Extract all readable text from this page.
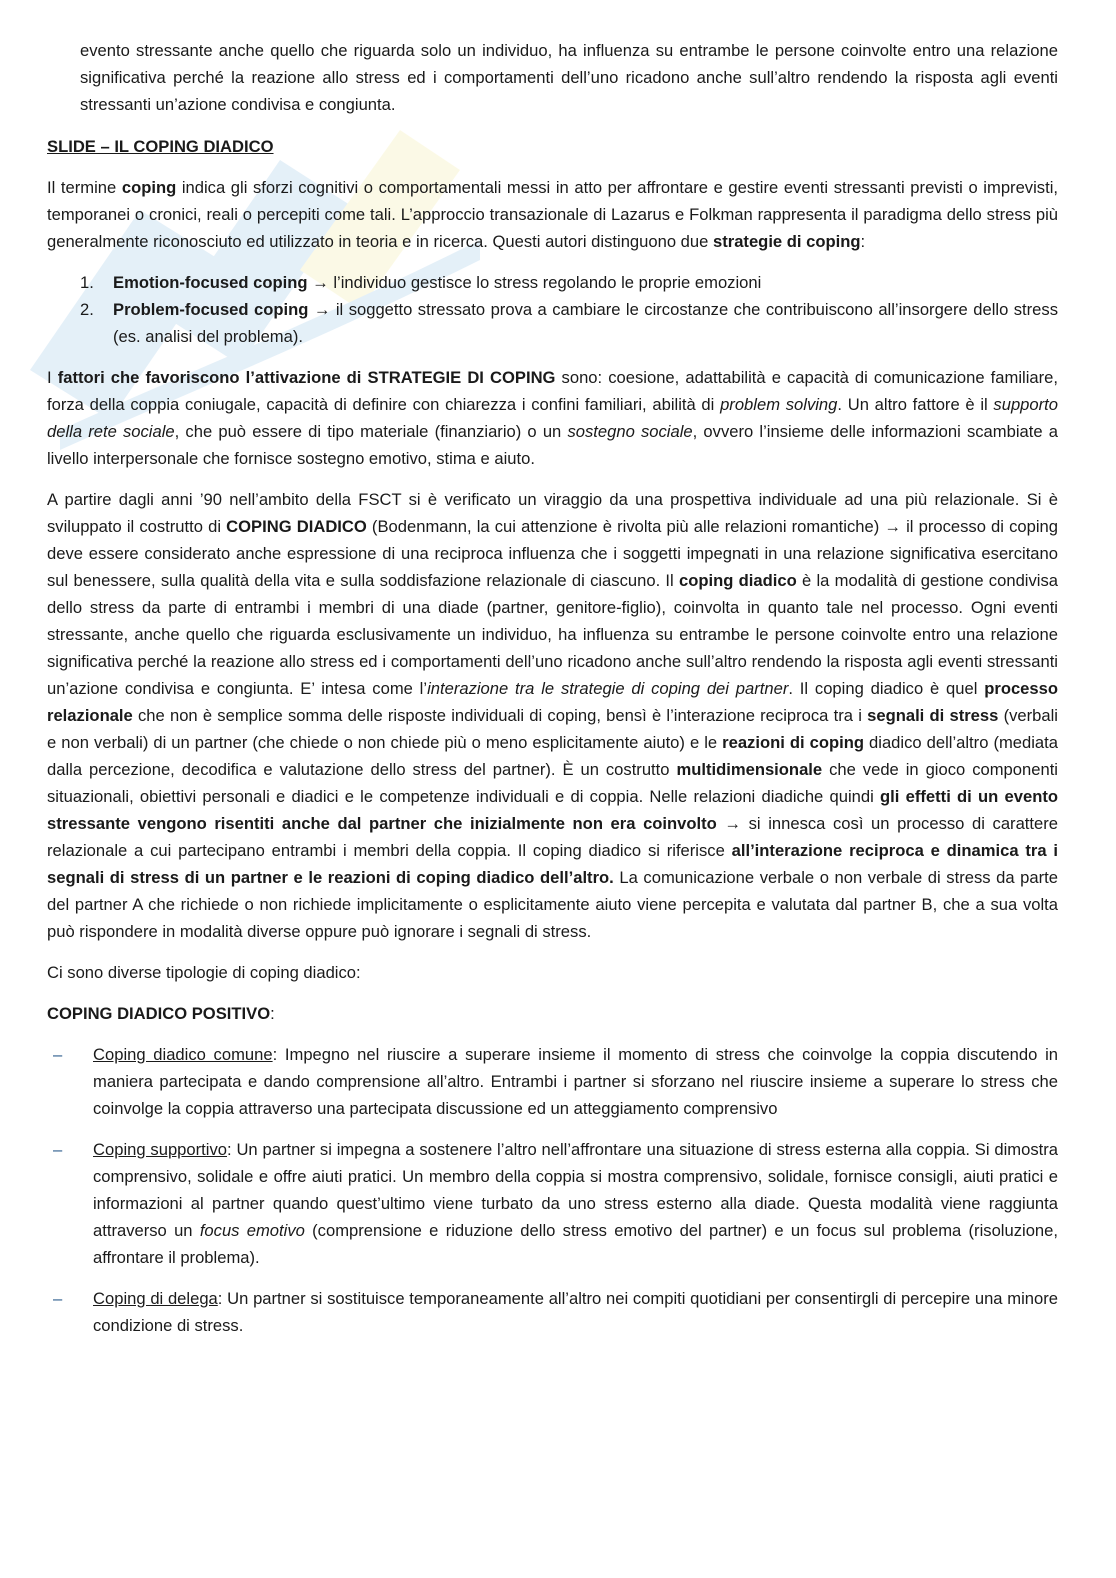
evento stressante anche quello che riguarda solo un individuo, ha influenza su entrambe le persone coinvolte entro una relazione significativa perché la reazione allo stress ed i comportamenti dell’uno ricadono anche sull’altro rendendo la risposta agli eventi stressanti un’azione condivisa e congiunta.

SLIDE – IL COPING DIADICO

Il termine coping indica gli sforzi cognitivi o comportamentali messi in atto per affrontare e gestire eventi stressanti previsti o imprevisti, temporanei o cronici, reali o percepiti come tali. L’approccio transazionale di Lazarus e Folkman rappresenta il paradigma dello stress più generalmente riconosciuto ed utilizzato in teoria e in ricerca. Questi autori distinguono due strategie di coping:

1. Emotion-focused coping → l’individuo gestisce lo stress regolando le proprie emozioni
2. Problem-focused coping → il soggetto stressato prova a cambiare le circostanze che contribuiscono all’insorgere dello stress (es. analisi del problema).

I fattori che favoriscono l’attivazione di STRATEGIE DI COPING sono: coesione, adattabilità e capacità di comunicazione familiare, forza della coppia coniugale, capacità di definire con chiarezza i confini familiari, abilità di problem solving. Un altro fattore è il supporto della rete sociale, che può essere di tipo materiale (finanziario) o un sostegno sociale, ovvero l’insieme delle informazioni scambiate a livello interpersonale che fornisce sostegno emotivo, stima e aiuto.

A partire dagli anni ’90 nell’ambito della FSCT si è verificato un viraggio da una prospettiva individuale ad una più relazionale. Si è sviluppato il costrutto di COPING DIADICO (Bodenmann, la cui attenzione è rivolta più alle relazioni romantiche) → il processo di coping deve essere considerato anche espressione di una reciproca influenza che i soggetti impegnati in una relazione significativa esercitano sul benessere, sulla qualità della vita e sulla soddisfazione relazionale di ciascuno. Il coping diadico è la modalità di gestione condivisa dello stress da parte di entrambi i membri di una diade (partner, genitore-figlio), coinvolta in quanto tale nel processo. Ogni eventi stressante, anche quello che riguarda esclusivamente un individuo, ha influenza su entrambe le persone coinvolte entro una relazione significativa perché la reazione allo stress ed i comportamenti dell’uno ricadono anche sull’altro rendendo la risposta agli eventi stressanti un’azione condivisa e congiunta. E’ intesa come l’interazione tra le strategie di coping dei partner. Il coping diadico è quel processo relazionale che non è semplice somma delle risposte individuali di coping, bensì è l’interazione reciproca tra i segnali di stress (verbali e non verbali) di un partner (che chiede o non chiede più o meno esplicitamente aiuto) e le reazioni di coping diadico dell’altro (mediata dalla percezione, decodifica e valutazione dello stress del partner). È un costrutto multidimensionale che vede in gioco componenti situazionali, obiettivi personali e diadici e le competenze individuali e di coppia. Nelle relazioni diadiche quindi gli effetti di un evento stressante vengono risentiti anche dal partner che inizialmente non era coinvolto → si innesca così un processo di carattere relazionale a cui partecipano entrambi i membri della coppia. Il coping diadico si riferisce all’interazione reciproca e dinamica tra i segnali di stress di un partner e le reazioni di coping diadico dell’altro. La comunicazione verbale o non verbale di stress da parte del partner A che richiede o non richiede implicitamente o esplicitamente aiuto viene percepita e valutata dal partner B, che a sua volta può rispondere in modalità diverse oppure può ignorare i segnali di stress.

Ci sono diverse tipologie di coping diadico:

COPING DIADICO POSITIVO:

– Coping diadico comune: Impegno nel riuscire a superare insieme il momento di stress che coinvolge la coppia discutendo in maniera partecipata e dando comprensione all’altro. Entrambi i partner si sforzano nel riuscire insieme a superare lo stress che coinvolge la coppia attraverso una partecipata discussione ed un atteggiamento comprensivo
– Coping supportivo: Un partner si impegna a sostenere l’altro nell’affrontare una situazione di stress esterna alla coppia. Si dimostra comprensivo, solidale e offre aiuti pratici. Un membro della coppia si mostra comprensivo, solidale, fornisce consigli, aiuti pratici e informazioni al partner quando quest’ultimo viene turbato da uno stress esterno alla diade. Questa modalità viene raggiunta attraverso un focus emotivo (comprensione e riduzione dello stress emotivo del partner) e un focus sul problema (risoluzione, affrontare il problema).
– Coping di delega: Un partner si sostituisce temporaneamente all’altro nei compiti quotidiani per consentirgli di percepire una minore condizione di stress.
